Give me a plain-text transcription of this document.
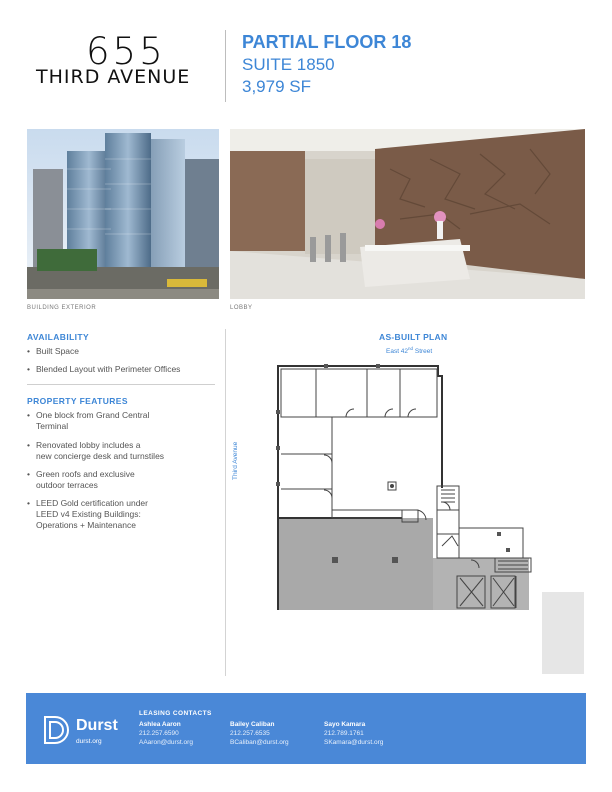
655
THIRD AVENUE
PARTIAL FLOOR 18
SUITE 1850
3,979 SF
BUILDING EXTERIOR	LOBBY
AVAILABILITY
• Built Space
• Blended Layout with Perimeter Offices
PROPERTY FEATURES
• One block from Grand Central
Terminal
• Renovated lobby includes a
new concierge desk and turnstiles
• Green roofs and exclusive
outdoor terraces
• LEED Gold certification under
LEED v4 Existing Buildings:
Operations + Maintenance
AS-BUILT PLAN
East 42nd Street
Third Avenue
Durst
durst.org
LEASING CONTACTS
Ashlea Aaron
212.257.6590
AAaron@durst.org
Bailey Caliban
212.257.6535
BCaliban@durst.org
Sayo Kamara
212.789.1761
SKamara@durst.org
